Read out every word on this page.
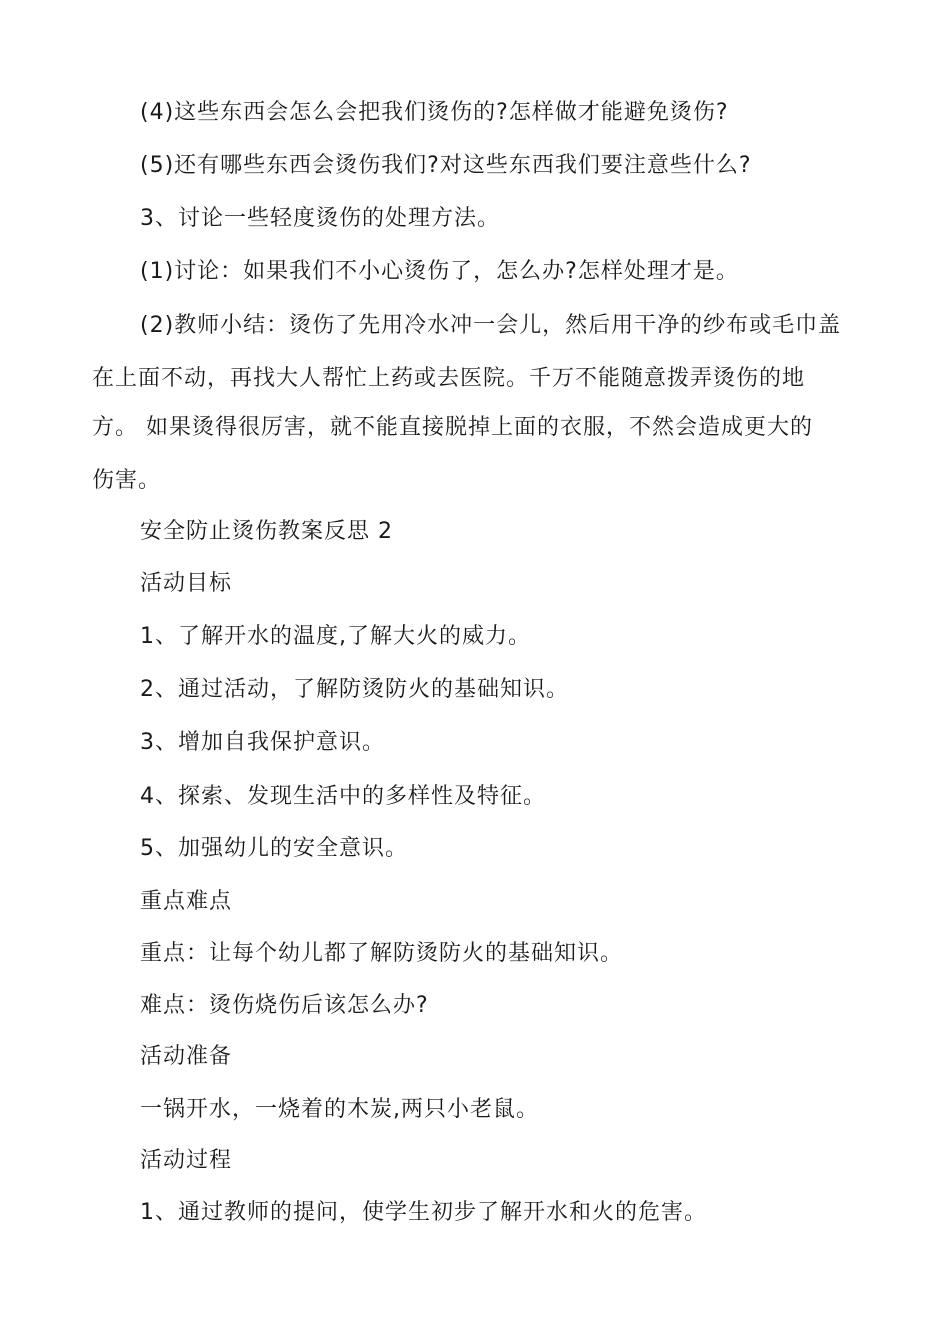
(4)这些东西会怎么会把我们烫伤的?怎样做才能避免烫伤?
(5)还有哪些东西会烫伤我们?对这些东西我们要注意些什么?
3、讨论一些轻度烫伤的处理方法。
(1)讨论：如果我们不小心烫伤了，怎么办?怎样处理才是。
(2)教师小结：烫伤了先用冷水冲一会儿，然后用干净的纱布或毛巾盖
在上面不动，再找大人帮忙上药或去医院。千万不能随意拨弄烫伤的地
方。 如果烫得很厉害，就不能直接脱掉上面的衣服，不然会造成更大的
伤害。
安全防止烫伤教案反思 2
活动目标
1、了解开水的温度,了解大火的威力。
2、通过活动，了解防烫防火的基础知识。
3、增加自我保护意识。
4、探索、发现生活中的多样性及特征。
5、加强幼儿的安全意识。
重点难点
重点：让每个幼儿都了解防烫防火的基础知识。
难点：烫伤烧伤后该怎么办?
活动准备
一锅开水，一烧着的木炭,两只小老鼠。
活动过程
1、通过教师的提问，使学生初步了解开水和火的危害。
